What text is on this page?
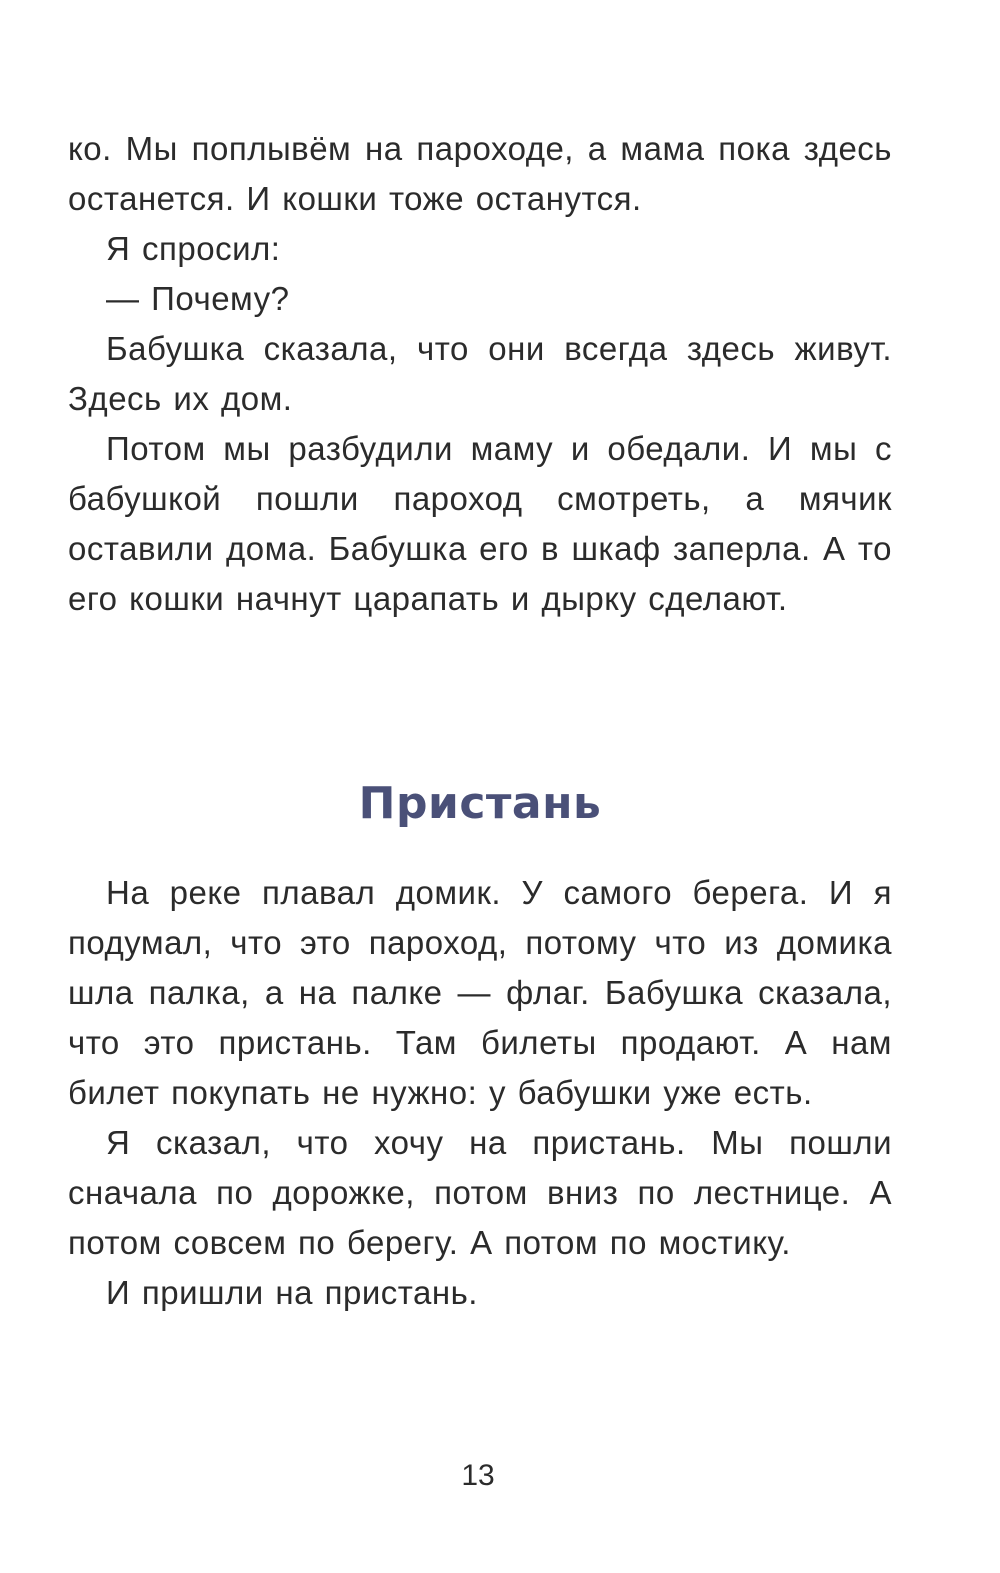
ко. Мы поплывём на пароходе, а мама пока здесь останется. И кошки тоже останутся.

Я спросил:

— Почему?

Бабушка сказала, что они всегда здесь живут. Здесь их дом.

Потом мы разбудили маму и обедали. И мы с бабушкой пошли пароход смотреть, а мячик оставили дома. Бабушка его в шкаф заперла. А то его кошки начнут царапать и дырку сделают.

Пристань

На реке плавал домик. У самого берега. И я подумал, что это пароход, потому что из домика шла палка, а на палке — флаг. Бабушка сказала, что это пристань. Там билеты продают. А нам билет покупать не нужно: у бабушки уже есть.

Я сказал, что хочу на пристань. Мы пошли сначала по дорожке, потом вниз по лестнице. А потом совсем по берегу. А потом по мостику.

И пришли на пристань.

13
